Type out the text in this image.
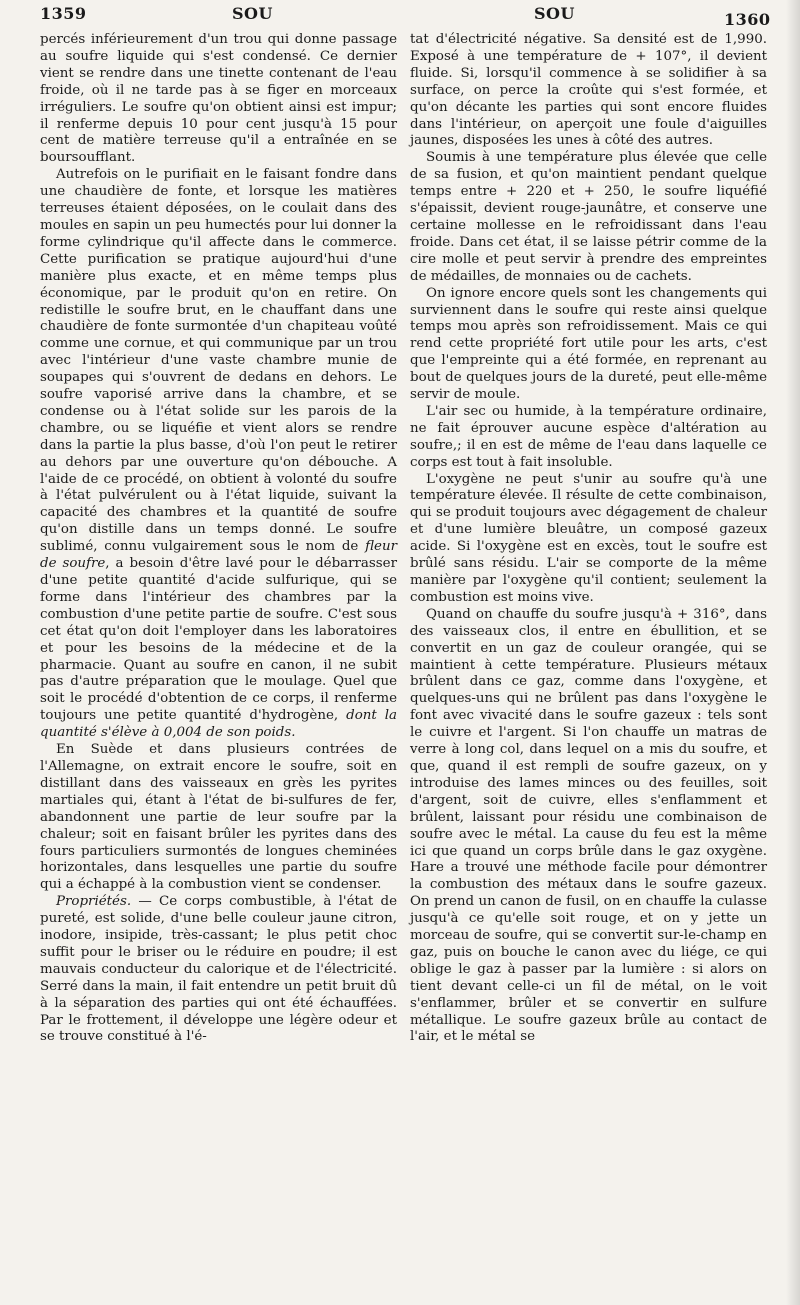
1359	SOU	SOU	1360

percés inférieurement d'un trou qui donne passage au soufre liquide qui s'est condensé. Ce dernier vient se rendre dans une tinette contenant de l'eau froide, où il ne tarde pas à se figer en morceaux irréguliers. Le soufre qu'on obtient ainsi est impur; il renferme depuis 10 pour cent jusqu'à 15 pour cent de matière terreuse qu'il a entraînée en se boursoufflant.

Autrefois on le purifiait en le faisant fondre dans une chaudière de fonte, et lorsque les matières terreuses étaient déposées, on le coulait dans des moules en sapin un peu humectés pour lui donner la forme cylindrique qu'il affecte dans le commerce. Cette purification se pratique aujourd'hui d'une manière plus exacte, et en même temps plus économique, par le produit qu'on en retire. On redistille le soufre brut, en le chauffant dans une chaudière de fonte surmontée d'un chapiteau voûté comme une cornue, et qui communique par un trou avec l'intérieur d'une vaste chambre munie de soupapes qui s'ouvrent de dedans en dehors. Le soufre vaporisé arrive dans la chambre, et se condense ou à l'état solide sur les parois de la chambre, ou se liquéfie et vient alors se rendre dans la partie la plus basse, d'où l'on peut le retirer au dehors par une ouverture qu'on débouche. A l'aide de ce procédé, on obtient à volonté du soufre à l'état pulvérulent ou à l'état liquide, suivant la capacité des chambres et la quantité de soufre qu'on distille dans un temps donné. Le soufre sublimé, connu vulgairement sous le nom de fleur de soufre, a besoin d'être lavé pour le débarrasser d'une petite quantité d'acide sulfurique, qui se forme dans l'intérieur des chambres par la combustion d'une petite partie de soufre. C'est sous cet état qu'on doit l'employer dans les laboratoires et pour les besoins de la médecine et de la pharmacie. Quant au soufre en canon, il ne subit pas d'autre préparation que le moulage. Quel que soit le procédé d'obtention de ce corps, il renferme toujours une petite quantité d'hydrogène, dont la quantité s'élève à 0,004 de son poids.

En Suède et dans plusieurs contrées de l'Allemagne, on extrait encore le soufre, soit en distillant dans des vaisseaux en grès les pyrites martiales qui, étant à l'état de bi-sulfures de fer, abandonnent une partie de leur soufre par la chaleur; soit en faisant brûler les pyrites dans des fours particuliers surmontés de longues cheminées horizontales, dans lesquelles une partie du soufre qui a échappé à la combustion vient se condenser.

Propriétés. — Ce corps combustible, à l'état de pureté, est solide, d'une belle couleur jaune citron, inodore, insipide, très-cassant; le plus petit choc suffit pour le briser ou le réduire en poudre; il est mauvais conducteur du calorique et de l'électricité. Serré dans la main, il fait entendre un petit bruit dû à la séparation des parties qui ont été échauffées. Par le frottement, il développe une légère odeur et se trouve constitué à l'é-

tat d'électricité négative. Sa densité est de 1,990. Exposé à une température de + 107°, il devient fluide. Si, lorsqu'il commence à se solidifier à sa surface, on perce la croûte qui s'est formée, et qu'on décante les parties qui sont encore fluides dans l'intérieur, on aperçoit une foule d'aiguilles jaunes, disposées les unes à côté des autres.

Soumis à une température plus élevée que celle de sa fusion, et qu'on maintient pendant quelque temps entre + 220 et + 250, le soufre liquéfié s'épaissit, devient rouge-jaunâtre, et conserve une certaine mollesse en le refroidissant dans l'eau froide. Dans cet état, il se laisse pétrir comme de la cire molle et peut servir à prendre des empreintes de médailles, de monnaies ou de cachets.

On ignore encore quels sont les changements qui surviennent dans le soufre qui reste ainsi quelque temps mou après son refroidissement. Mais ce qui rend cette propriété fort utile pour les arts, c'est que l'empreinte qui a été formée, en reprenant au bout de quelques jours de la dureté, peut elle-même servir de moule.

L'air sec ou humide, à la température ordinaire, ne fait éprouver aucune espèce d'altération au soufre,; il en est de même de l'eau dans laquelle ce corps est tout à fait insoluble.

L'oxygène ne peut s'unir au soufre qu'à une température élevée. Il résulte de cette combinaison, qui se produit toujours avec dégagement de chaleur et d'une lumière bleuâtre, un composé gazeux acide. Si l'oxygène est en excès, tout le soufre est brûlé sans résidu. L'air se comporte de la même manière par l'oxygène qu'il contient; seulement la combustion est moins vive.

Quand on chauffe du soufre jusqu'à + 316°, dans des vaisseaux clos, il entre en ébullition, et se convertit en un gaz de couleur orangée, qui se maintient à cette température. Plusieurs métaux brûlent dans ce gaz, comme dans l'oxygène, et quelques-uns qui ne brûlent pas dans l'oxygène le font avec vivacité dans le soufre gazeux : tels sont le cuivre et l'argent. Si l'on chauffe un matras de verre à long col, dans lequel on a mis du soufre, et que, quand il est rempli de soufre gazeux, on y introduise des lames minces ou des feuilles, soit d'argent, soit de cuivre, elles s'enflamment et brûlent, laissant pour résidu une combinaison de soufre avec le métal. La cause du feu est la même ici que quand un corps brûle dans le gaz oxygène. Hare a trouvé une méthode facile pour démontrer la combustion des métaux dans le soufre gazeux. On prend un canon de fusil, on en chauffe la culasse jusqu'à ce qu'elle soit rouge, et on y jette un morceau de soufre, qui se convertit sur-le-champ en gaz, puis on bouche le canon avec du liége, ce qui oblige le gaz à passer par la lumière : si alors on tient devant celle-ci un fil de métal, on le voit s'enflammer, brûler et se convertir en sulfure métallique. Le soufre gazeux brûle au contact de l'air, et le métal se
